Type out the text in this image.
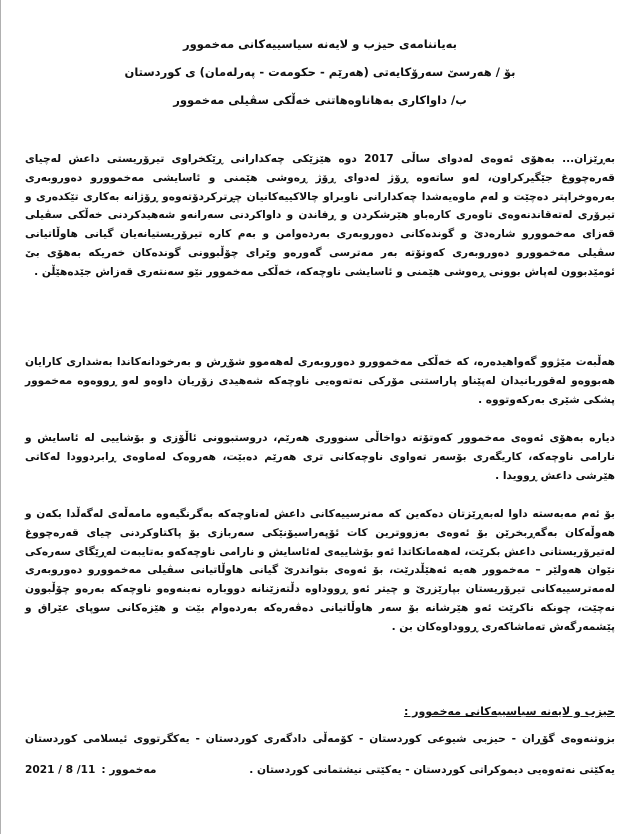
بەیاننامەی حیزب و لایەنە سیاسییەکانی مەخموور
بۆ / هەرسێ سەرۆکایەتی (هەرێم - حکومەت - پەرلەمان) ی کوردستان
ب/ داواکاری بەهاناوەهاتنی خەڵکی سڤیلی مەخموور
بەڕێزان... بەهۆی ئەوەی لەدوای ساڵی 2017 دوە هێزێکی چەکدارانی ڕێکخراوی تیرۆریستی داعش لەچیای قەرەچووغ جێگیرکراون، لەو ساتەوە ڕۆژ لەدوای ڕۆژ ڕەوشی هێمنی و ئاسایشی مەخموورو دەوروبەری بەرەوخراپتر دەچێت و لەم ماوەیەشدا چەکدارانی ناوبراو چالاکییەکانیان چڕترکردۆتەوەو ڕۆژانە بەکاری تێکدەری و تیرۆری لەتەقاندنەوەی تاوەری کارەباو هێرشکردن و ڕفاندن و داواکردنی سەرانەو شەهیدکردنی خەڵکی سڤیلی قەزای مەخموورو شارەدێ و گوندەکانی دەوروبەری بەردەوامن و بەم کارە تیرۆریستیانەیان گیانی هاوڵاتیانی سڤیلی مەخموورو دەوروبەری کەوتۆتە بەر مەترسی گەورەو وێرای چۆڵبوونی گوندەکان خەریکە بەهۆی بێ ئومێدبوون لەپاش بوونی ڕەوشی هێمنی و ئاسایشی ناوچەکە، خەڵکی مەخموور نێو سەنتەری قەزاش جێدەهێڵن .
هەڵبەت مێژوو گەواهیدەرە، کە خەڵکی مەخموورو دەوروبەری لەهەموو شۆڕش و بەرخودانەکاندا بەشداری کارایان هەبووەو لەقوربانیدان لەپێناو پاراستنی مۆرکی نەتەوەیی ناوچەکە شەهیدی زۆریان داوەو لەو ڕووەوە مەخموور پشکی شێری بەرکەوتووە .
دیارە بەهۆی ئەوەی مەخموور کەوتۆتە دواخاڵی سنووری هەرێم، دروستبوونی ئاڵۆزی و بۆشاییی لە ئاسایش و نارامی ناوچەکە، کاریگەری بۆسەر تەواوی ناوچەکانی تری هەرێم دەبێت، هەروەک لەماوەی ڕابردوودا لەکاتی هێرشی داعش ڕوویدا .
بۆ ئەم مەبەستە داوا لەبەڕێزتان دەکەین کە مەترسییەکانی داعش لەناوچەکە بەگرنگیەوە مامەڵەی لەگەڵدا بکەن و هەوڵەکان بەگەڕبخرێن بۆ ئەوەی بەزووترین کات ئۆپەراسیۆنێکی سەربازی بۆ پاکتاوکردنی چیای قەرەچووغ لەتیرۆریستانی داعش بکرێت، لەهەمانکاتدا ئەو بۆشاییەی لەئاسایش و نارامی ناوچەکەو بەتایبەت لەڕێگای سەرەکی نێوان هەولێر – مەخموور هەیە ئەهێڵدرێت، بۆ ئەوەی بتواندرێ گیانی هاوڵاتیانی سڤیلی مەخموورو دەوروبەری لەمەترسییەکانی تیرۆریستان بپارێزرێ و چیتر ئەو ڕووداوە دڵتەزێنانە دووبارە نەبنەوەو ناوچەکە بەرەو چۆڵبوون نەچێت، چونکە ناکرێت ئەو هێرشانە بۆ سەر هاوڵاتیانی دەڤەرەکە بەردەوام بێت و هێزەکانی سوپای عێراق و پێشمەرگەش تەماشاکەری ڕووداوەکان بن .
حیزب و لایەنە سیاسییەکانی مەخموور :
بزوتنەوەی گۆڕان - حیزبی شیوعی کوردستان - کۆمەڵی دادگەری کوردستان - یەکگرتووی ئیسلامی کوردستان
یەکێتی نەتەوەیی دیموکراتی کوردستان - یەکێتی نیشتمانی کوردستان .
مەخموور :
2021 / 8 /11
